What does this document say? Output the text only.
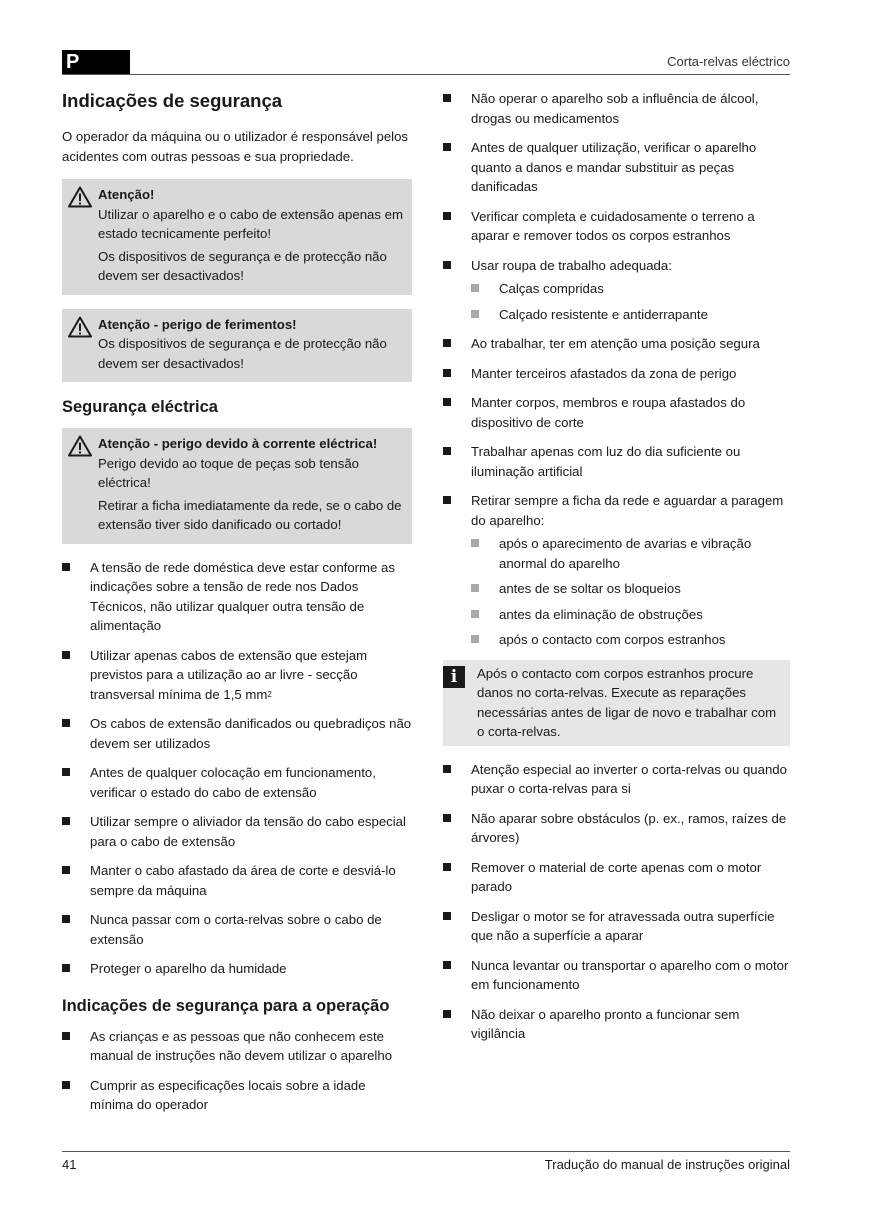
P	Corta-relvas eléctrico
Indicações de segurança

O operador da máquina ou o utilizador é responsável pelos acidentes com outras pessoas e sua propriedade.

Atenção!

Utilizar o aparelho e o cabo de extensão apenas em estado tecnicamente perfeito!

Os dispositivos de segurança e de protecção não devem ser desactivados!

Atenção - perigo de ferimentos!

Os dispositivos de segurança e de protecção não devem ser desactivados!

Segurança eléctrica

Atenção - perigo devido à corrente eléctrica!

Perigo devido ao toque de peças sob tensão eléctrica!

Retirar a ficha imediatamente da rede, se o cabo de extensão tiver sido danificado ou cortado!

A tensão de rede doméstica deve estar conforme as indicações sobre a tensão de rede nos Dados Técnicos, não utilizar qualquer outra tensão de alimentação
Utilizar apenas cabos de extensão que estejam previstos para a utilização ao ar livre - secção transversal mínima de 1,5 $mm^2$
Os cabos de extensão danificados ou quebradiços não devem ser utilizados
Antes de qualquer colocação em funcionamento, verificar o estado do cabo de extensão
Utilizar sempre o aliviador da tensão do cabo especial para o cabo de extensão
Manter o cabo afastado da área de corte e desviá-lo sempre da máquina
Nunca passar com o corta-relvas sobre o cabo de extensão
Proteger o aparelho da humidade
Indicações de segurança para a operação
As crianças e as pessoas que não conhecem este manual de instruções não devem utilizar o aparelho
Cumprir as especificações locais sobre a idade mínima do operador
Não operar o aparelho sob a influência de álcool, drogas ou medicamentos
Antes de qualquer utilização, verificar o aparelho quanto a danos e mandar substituir as peças danificadas
Verificar completa e cuidadosamente o terreno a aparar e remover todos os corpos estranhos
Usar roupa de trabalho adequada:
Calças compridas
Calçado resistente e antiderrapante
Ao trabalhar, ter em atenção uma posição segura
Manter terceiros afastados da zona de perigo
Manter corpos, membros e roupa afastados do dispositivo de corte
Trabalhar apenas com luz do dia suficiente ou iluminação artificial
Retirar sempre a ficha da rede e aguardar a paragem do aparelho:
após o aparecimento de avarias e vibração anormal do aparelho
antes de se soltar os bloqueios
antes da eliminação de obstruções
após o contacto com corpos estranhos
i	Após o contacto com corpos estranhos procure danos no corta-relvas. Execute as reparações necessárias antes de ligar de novo e trabalhar com o corta-relvas.
Atenção especial ao inverter o corta-relvas ou quando puxar o corta-relvas para si
Não aparar sobre obstáculos (p. ex., ramos, raízes de árvores)
Remover o material de corte apenas com o motor parado
Desligar o motor se for atravessada outra superfície que não a superfície a aparar
Nunca levantar ou transportar o aparelho com o motor em funcionamento
Não deixar o aparelho pronto a funcionar sem vigilância
41	Tradução do manual de instruções original
